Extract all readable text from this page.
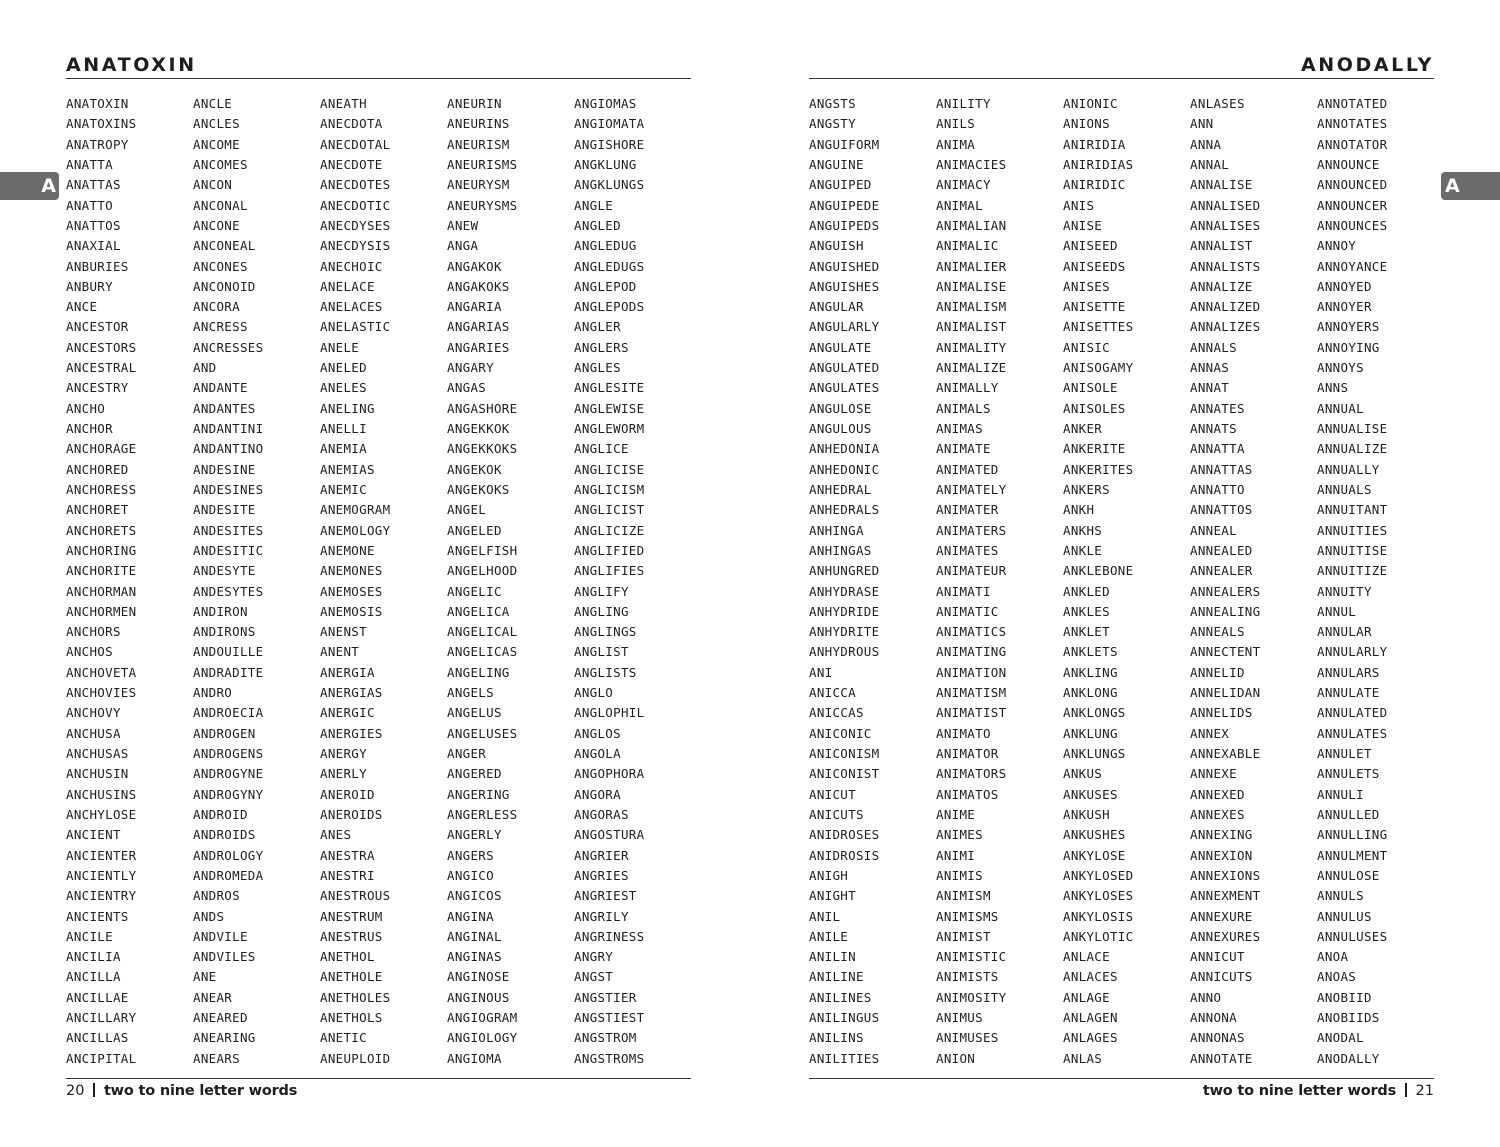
A	A
ANATOXIN
ANATOXIN
ANATOXINS
ANATROPY
ANATTA
ANATTAS
ANATTO
ANATTOS
ANAXIAL
ANBURIES
ANBURY
ANCE
ANCESTOR
ANCESTORS
ANCESTRAL
ANCESTRY
ANCHO
ANCHOR
ANCHORAGE
ANCHORED
ANCHORESS
ANCHORET
ANCHORETS
ANCHORING
ANCHORITE
ANCHORMAN
ANCHORMEN
ANCHORS
ANCHOS
ANCHOVETA
ANCHOVIES
ANCHOVY
ANCHUSA
ANCHUSAS
ANCHUSIN
ANCHUSINS
ANCHYLOSE
ANCIENT
ANCIENTER
ANCIENTLY
ANCIENTRY
ANCIENTS
ANCILE
ANCILIA
ANCILLA
ANCILLAE
ANCILLARY
ANCILLAS
ANCIPITAL
ANCLE
ANCLES
ANCOME
ANCOMES
ANCON
ANCONAL
ANCONE
ANCONEAL
ANCONES
ANCONOID
ANCORA
ANCRESS
ANCRESSES
AND
ANDANTE
ANDANTES
ANDANTINI
ANDANTINO
ANDESINE
ANDESINES
ANDESITE
ANDESITES
ANDESITIC
ANDESYTE
ANDESYTES
ANDIRON
ANDIRONS
ANDOUILLE
ANDRADITE
ANDRO
ANDROECIA
ANDROGEN
ANDROGENS
ANDROGYNE
ANDROGYNY
ANDROID
ANDROIDS
ANDROLOGY
ANDROMEDA
ANDROS
ANDS
ANDVILE
ANDVILES
ANE
ANEAR
ANEARED
ANEARING
ANEARS
ANEATH
ANECDOTA
ANECDOTAL
ANECDOTE
ANECDOTES
ANECDOTIC
ANECDYSES
ANECDYSIS
ANECHOIC
ANELACE
ANELACES
ANELASTIC
ANELE
ANELED
ANELES
ANELING
ANELLI
ANEMIA
ANEMIAS
ANEMIC
ANEMOGRAM
ANEMOLOGY
ANEMONE
ANEMONES
ANEMOSES
ANEMOSIS
ANENST
ANENT
ANERGIA
ANERGIAS
ANERGIC
ANERGIES
ANERGY
ANERLY
ANEROID
ANEROIDS
ANES
ANESTRA
ANESTRI
ANESTROUS
ANESTRUM
ANESTRUS
ANETHOL
ANETHOLE
ANETHOLES
ANETHOLS
ANETIC
ANEUPLOID
ANEURIN
ANEURINS
ANEURISM
ANEURISMS
ANEURYSM
ANEURYSMS
ANEW
ANGA
ANGAKOK
ANGAKOKS
ANGARIA
ANGARIAS
ANGARIES
ANGARY
ANGAS
ANGASHORE
ANGEKKOK
ANGEKKOKS
ANGEKOK
ANGEKOKS
ANGEL
ANGELED
ANGELFISH
ANGELHOOD
ANGELIC
ANGELICA
ANGELICAL
ANGELICAS
ANGELING
ANGELS
ANGELUS
ANGELUSES
ANGER
ANGERED
ANGERING
ANGERLESS
ANGERLY
ANGERS
ANGICO
ANGICOS
ANGINA
ANGINAL
ANGINAS
ANGINOSE
ANGINOUS
ANGIOGRAM
ANGIOLOGY
ANGIOMA
ANGIOMAS
ANGIOMATA
ANGISHORE
ANGKLUNG
ANGKLUNGS
ANGLE
ANGLED
ANGLEDUG
ANGLEDUGS
ANGLEPOD
ANGLEPODS
ANGLER
ANGLERS
ANGLES
ANGLESITE
ANGLEWISE
ANGLEWORM
ANGLICE
ANGLICISE
ANGLICISM
ANGLICIST
ANGLICIZE
ANGLIFIED
ANGLIFIES
ANGLIFY
ANGLING
ANGLINGS
ANGLIST
ANGLISTS
ANGLO
ANGLOPHIL
ANGLOS
ANGOLA
ANGOPHORA
ANGORA
ANGORAS
ANGOSTURA
ANGRIER
ANGRIES
ANGRIEST
ANGRILY
ANGRINESS
ANGRY
ANGST
ANGSTIER
ANGSTIEST
ANGSTROM
ANGSTROMS
20 two to nine letter words
ANODALLY
ANGSTS
ANGSTY
ANGUIFORM
ANGUINE
ANGUIPED
ANGUIPEDE
ANGUIPEDS
ANGUISH
ANGUISHED
ANGUISHES
ANGULAR
ANGULARLY
ANGULATE
ANGULATED
ANGULATES
ANGULOSE
ANGULOUS
ANHEDONIA
ANHEDONIC
ANHEDRAL
ANHEDRALS
ANHINGA
ANHINGAS
ANHUNGRED
ANHYDRASE
ANHYDRIDE
ANHYDRITE
ANHYDROUS
ANI
ANICCA
ANICCAS
ANICONIC
ANICONISM
ANICONIST
ANICUT
ANICUTS
ANIDROSES
ANIDROSIS
ANIGH
ANIGHT
ANIL
ANILE
ANILIN
ANILINE
ANILINES
ANILINGUS
ANILINS
ANILITIES
ANILITY
ANILS
ANIMA
ANIMACIES
ANIMACY
ANIMAL
ANIMALIAN
ANIMALIC
ANIMALIER
ANIMALISE
ANIMALISM
ANIMALIST
ANIMALITY
ANIMALIZE
ANIMALLY
ANIMALS
ANIMAS
ANIMATE
ANIMATED
ANIMATELY
ANIMATER
ANIMATERS
ANIMATES
ANIMATEUR
ANIMATI
ANIMATIC
ANIMATICS
ANIMATING
ANIMATION
ANIMATISM
ANIMATIST
ANIMATO
ANIMATOR
ANIMATORS
ANIMATOS
ANIME
ANIMES
ANIMI
ANIMIS
ANIMISM
ANIMISMS
ANIMIST
ANIMISTIC
ANIMISTS
ANIMOSITY
ANIMUS
ANIMUSES
ANION
ANIONIC
ANIONS
ANIRIDIA
ANIRIDIAS
ANIRIDIC
ANIS
ANISE
ANISEED
ANISEEDS
ANISES
ANISETTE
ANISETTES
ANISIC
ANISOGAMY
ANISOLE
ANISOLES
ANKER
ANKERITE
ANKERITES
ANKERS
ANKH
ANKHS
ANKLE
ANKLEBONE
ANKLED
ANKLES
ANKLET
ANKLETS
ANKLING
ANKLONG
ANKLONGS
ANKLUNG
ANKLUNGS
ANKUS
ANKUSES
ANKUSH
ANKUSHES
ANKYLOSE
ANKYLOSED
ANKYLOSES
ANKYLOSIS
ANKYLOTIC
ANLACE
ANLACES
ANLAGE
ANLAGEN
ANLAGES
ANLAS
ANLASES
ANN
ANNA
ANNAL
ANNALISE
ANNALISED
ANNALISES
ANNALIST
ANNALISTS
ANNALIZE
ANNALIZED
ANNALIZES
ANNALS
ANNAS
ANNAT
ANNATES
ANNATS
ANNATTA
ANNATTAS
ANNATTO
ANNATTOS
ANNEAL
ANNEALED
ANNEALER
ANNEALERS
ANNEALING
ANNEALS
ANNECTENT
ANNELID
ANNELIDAN
ANNELIDS
ANNEX
ANNEXABLE
ANNEXE
ANNEXED
ANNEXES
ANNEXING
ANNEXION
ANNEXIONS
ANNEXMENT
ANNEXURE
ANNEXURES
ANNICUT
ANNICUTS
ANNO
ANNONA
ANNONAS
ANNOTATE
ANNOTATED
ANNOTATES
ANNOTATOR
ANNOUNCE
ANNOUNCED
ANNOUNCER
ANNOUNCES
ANNOY
ANNOYANCE
ANNOYED
ANNOYER
ANNOYERS
ANNOYING
ANNOYS
ANNS
ANNUAL
ANNUALISE
ANNUALIZE
ANNUALLY
ANNUALS
ANNUITANT
ANNUITIES
ANNUITISE
ANNUITIZE
ANNUITY
ANNUL
ANNULAR
ANNULARLY
ANNULARS
ANNULATE
ANNULATED
ANNULATES
ANNULET
ANNULETS
ANNULI
ANNULLED
ANNULLING
ANNULMENT
ANNULOSE
ANNULS
ANNULUS
ANNULUSES
ANOA
ANOAS
ANOBIID
ANOBIIDS
ANODAL
ANODALLY
two to nine letter words 21
